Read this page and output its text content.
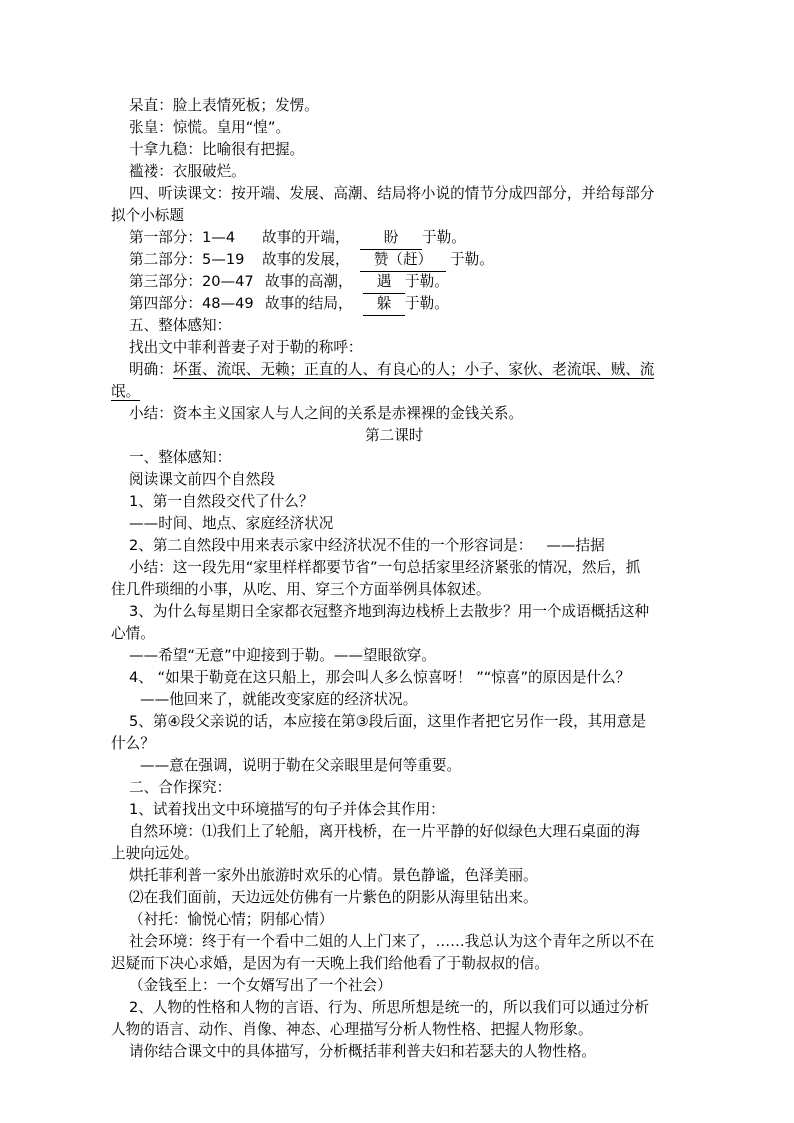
呆直：脸上表情死板；发愣。
张皇：惊慌。皇用“惶”。
十拿九稳：比喻很有把握。
褴褛：衣服破烂。
四、听读课文：按开端、发展、高潮、结局将小说的情节分成四部分，并给每部分
拟个小标题
第一部分：1—4 故事的开端， 盼 于勒。
第二部分：5—19 故事的发展， 赞（赶） 于勒。
第三部分：20—47 故事的高潮， 遇 于勒。
第四部分：48—49 故事的结局， 躲 于勒。
五、整体感知：
找出文中菲利普妻子对于勒的称呼：
明确：坏蛋、流氓、无赖；正直的人、有良心的人；小子、家伙、老流氓、贼、流
氓。
小结：资本主义国家人与人之间的关系是赤裸裸的金钱关系。
第二课时
一、整体感知：
阅读课文前四个自然段
1、第一自然段交代了什么？
——时间、地点、家庭经济状况
2、第二自然段中用来表示家中经济状况不佳的一个形容词是： ——拮据
小结：这一段先用“家里样样都要节省”一句总括家里经济紧张的情况，然后，抓
住几件琐细的小事，从吃、用、穿三个方面举例具体叙述。
3、为什么每星期日全家都衣冠整齐地到海边栈桥上去散步？用一个成语概括这种
心情。
——希望“无意”中迎接到于勒。——望眼欲穿。
4、 “如果于勒竟在这只船上，那会叫人多么惊喜呀！ ”“惊喜”的原因是什么？
——他回来了，就能改变家庭的经济状况。
5、第④段父亲说的话，本应接在第③段后面，这里作者把它另作一段，其用意是
什么？
——意在强调，说明于勒在父亲眼里是何等重要。
二、合作探究：
1、试着找出文中环境描写的句子并体会其作用：
自然环境：⑴我们上了轮船，离开栈桥，在一片平静的好似绿色大理石桌面的海
上驶向远处。
烘托菲利普一家外出旅游时欢乐的心情。景色静谧，色泽美丽。
⑵在我们面前，天边远处仿佛有一片紫色的阴影从海里钻出来。
（衬托：愉悦心情；阴郁心情）
社会环境：终于有一个看中二姐的人上门来了，……我总认为这个青年之所以不在
迟疑而下决心求婚，是因为有一天晚上我们给他看了于勒叔叔的信。
（金钱至上：一个女婿写出了一个社会）
2、人物的性格和人物的言语、行为、所思所想是统一的，所以我们可以通过分析
人物的语言、动作、肖像、神态、心理描写分析人物性格、把握人物形象。
请你结合课文中的具体描写，分析概括菲利普夫妇和若瑟夫的人物性格。
